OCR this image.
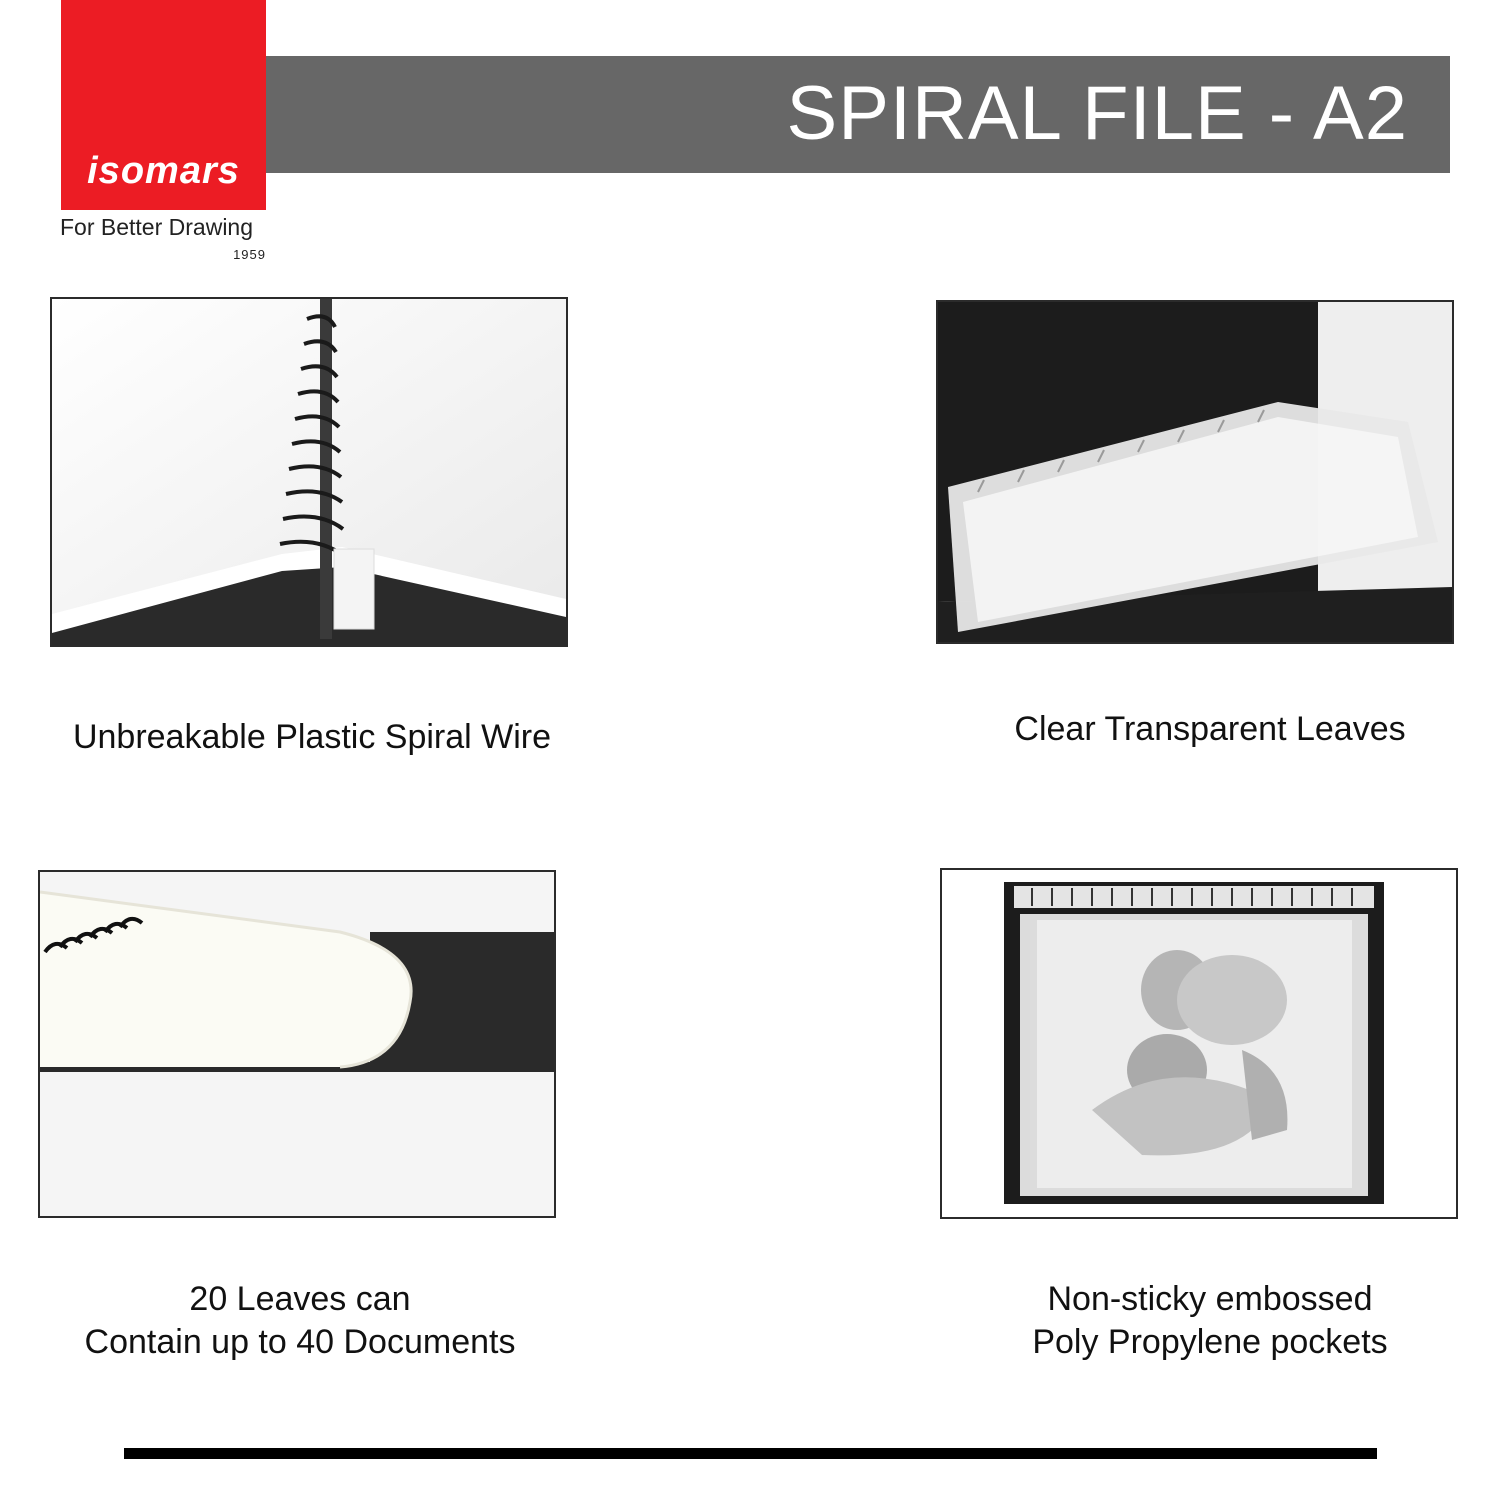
isomars
For Better Drawing
1959
SPIRAL FILE - A2
Unbreakable Plastic Spiral Wire	Clear Transparent Leaves
20 Leaves can
Contain up to 40 Documents
Non-sticky embossed
Poly Propylene pockets
